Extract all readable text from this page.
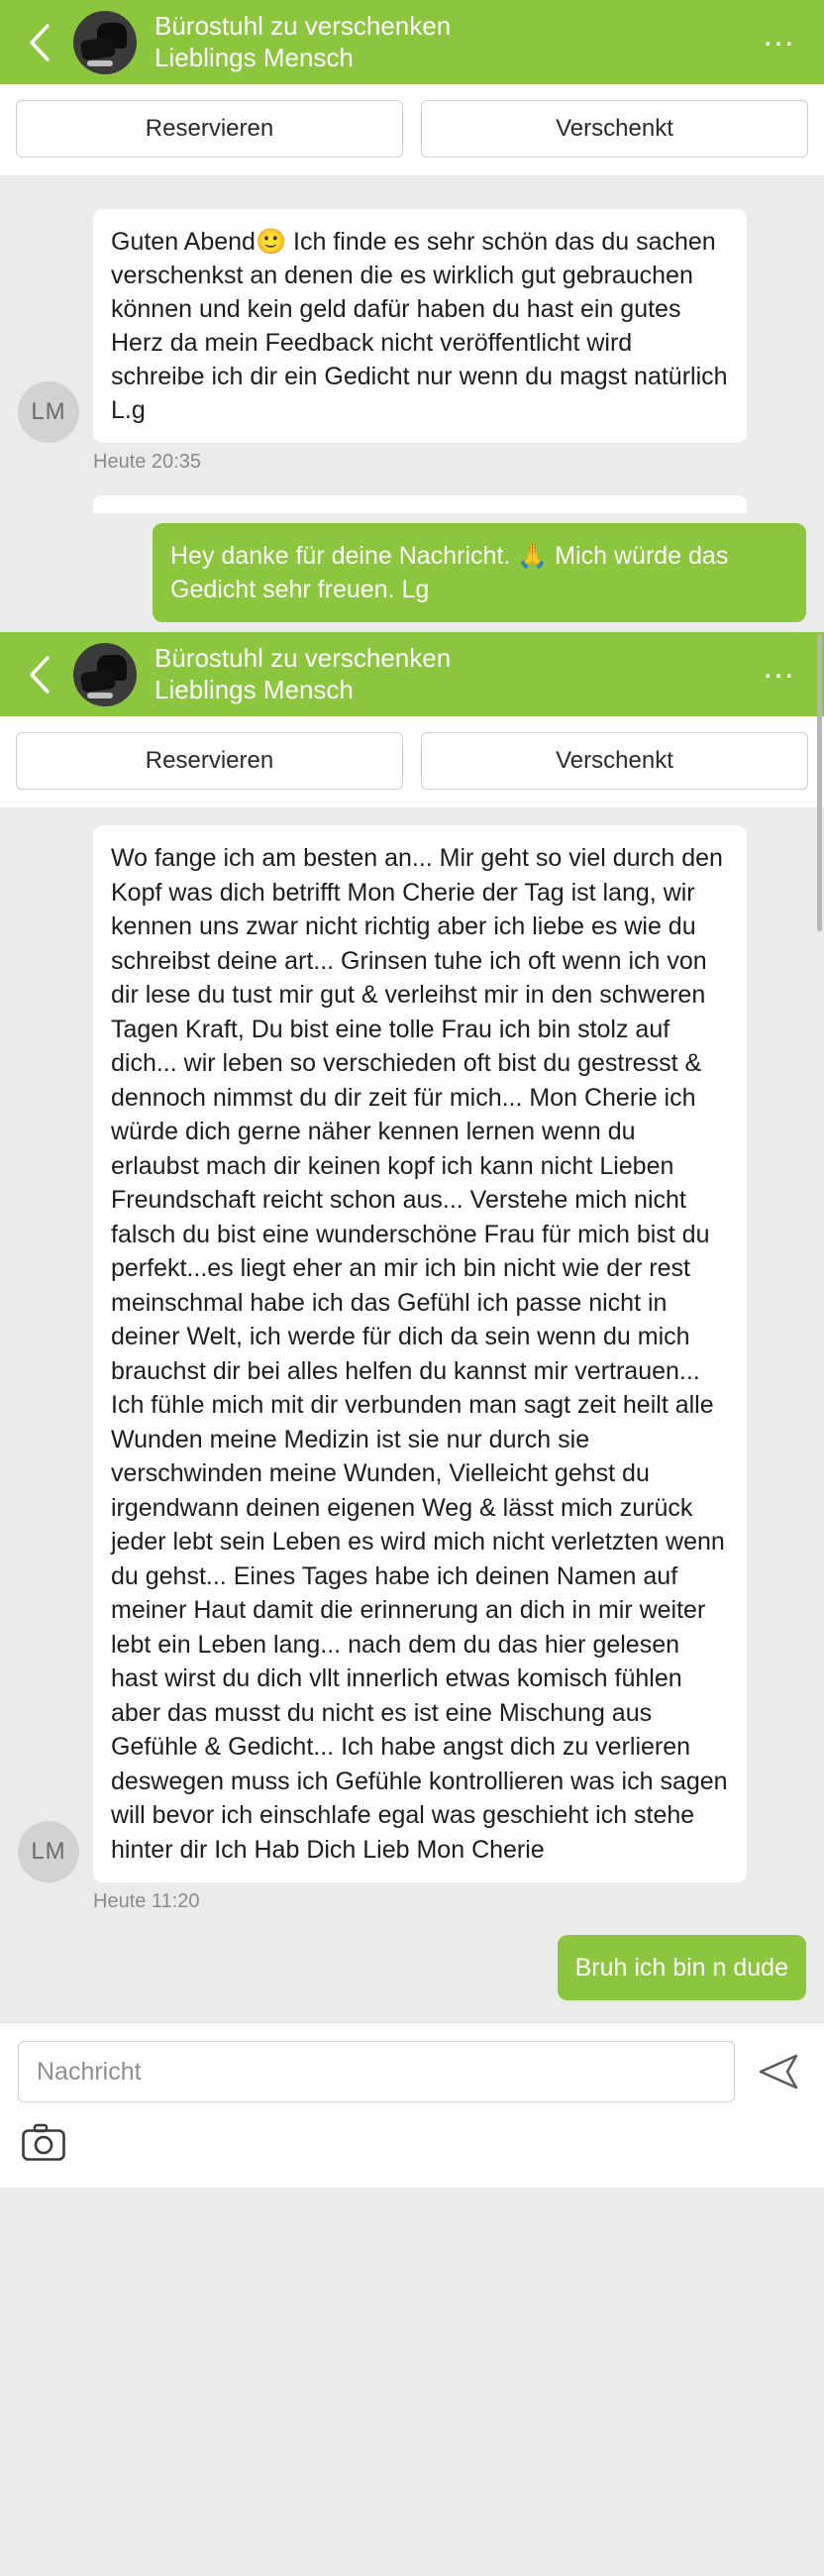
Bürostuhl zu verschenken
Lieblings Mensch
…
Reservieren	Verschenkt
LM
Guten Abend🙂 Ich finde es sehr schön das du sachen verschenkst an denen die es wirklich gut gebrauchen können und kein geld dafür haben du hast ein gutes Herz da mein Feedback nicht veröffentlicht wird schreibe ich dir ein Gedicht nur wenn du magst natürlich L.g
Heute 20:35
Hey danke für deine Nachricht. 🙏 Mich würde das Gedicht sehr freuen. Lg
Bürostuhl zu verschenken
Lieblings Mensch
…
Reservieren	Verschenkt
LM
Wo fange ich am besten an... Mir geht so viel durch den Kopf was dich betrifft Mon Cherie der Tag ist lang, wir kennen uns zwar nicht richtig aber ich liebe es wie du schreibst deine art... Grinsen tuhe ich oft wenn ich von dir lese du tust mir gut & verleihst mir in den schweren Tagen Kraft, Du bist eine tolle Frau ich bin stolz auf dich... wir leben so verschieden oft bist du gestresst & dennoch nimmst du dir zeit für mich... Mon Cherie ich würde dich gerne näher kennen lernen wenn du erlaubst mach dir keinen kopf ich kann nicht Lieben Freundschaft reicht schon aus... Verstehe mich nicht falsch du bist eine wunderschöne Frau für mich bist du perfekt...es liegt eher an mir ich bin nicht wie der rest meinschmal habe ich das Gefühl ich passe nicht in deiner Welt, ich werde für dich da sein wenn du mich brauchst dir bei alles helfen du kannst mir vertrauen... Ich fühle mich mit dir verbunden man sagt zeit heilt alle Wunden meine Medizin ist sie nur durch sie verschwinden meine Wunden, Vielleicht gehst du irgendwann deinen eigenen Weg & lässt mich zurück jeder lebt sein Leben es wird mich nicht verletzten wenn du gehst... Eines Tages habe ich deinen Namen auf meiner Haut damit die erinnerung an dich in mir weiter lebt ein Leben lang... nach dem du das hier gelesen hast wirst du dich vllt innerlich etwas komisch fühlen aber das musst du nicht es ist eine Mischung aus Gefühle & Gedicht... Ich habe angst dich zu verlieren deswegen muss ich Gefühle kontrollieren was ich sagen will bevor ich einschlafe egal was geschieht ich stehe hinter dir Ich Hab Dich Lieb Mon Cherie
Heute 11:20
Bruh ich bin n dude
Nachricht
